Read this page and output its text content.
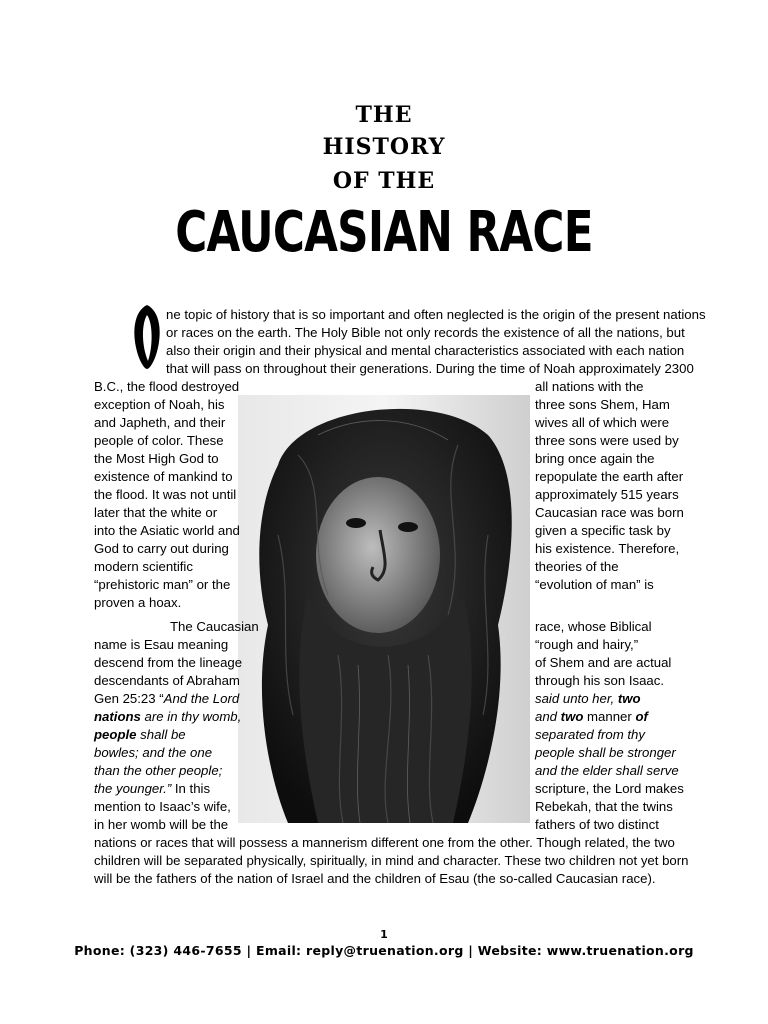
THE
HISTORY
OF THE
CAUCASIAN RACE
ne topic of history that is so important and often neglected is the origin of the present nations
or races on the earth. The Holy Bible not only records the existence of all the nations, but
also their origin and their physical and mental characteristics associated with each nation
that will pass on throughout their generations. During the time of Noah approximately 2300
B.C., the flood destroyed
exception of Noah, his
and Japheth, and their
people of color. These
the Most High God to
existence of mankind to
the flood. It was not until
later that the white or
into the Asiatic world and
God to carry out during
modern scientific
“prehistoric man” or the
proven a hoax.
all nations with the
three sons Shem, Ham
wives all of which were
three sons were used by
bring once again the
repopulate the earth after
approximately 515 years
Caucasian race was born
given a specific task by
his existence. Therefore,
theories of the
“evolution of man” is
The Caucasian
name is Esau meaning
descend from the lineage
descendants of Abraham
Gen 25:23 “And the Lord
nations are in thy womb,
people shall be
bowles; and the one
than the other people;
the younger.” In this
mention to Isaac’s wife,
in her womb will be the
race, whose Biblical
“rough and hairy,”
of Shem and are actual
through his son Isaac.
said unto her, two
and two manner of
separated from thy
people shall be stronger
and the elder shall serve
scripture, the Lord makes
Rebekah, that the twins
fathers of two distinct
nations or races that will possess a mannerism different one from the other. Though related, the two
children will be separated physically, spiritually, in mind and character. These two children not yet born
will be the fathers of the nation of Israel and the children of Esau (the so-called Caucasian race).
1
Phone: (323) 446-7655 | Email: reply@truenation.org | Website: www.truenation.org
